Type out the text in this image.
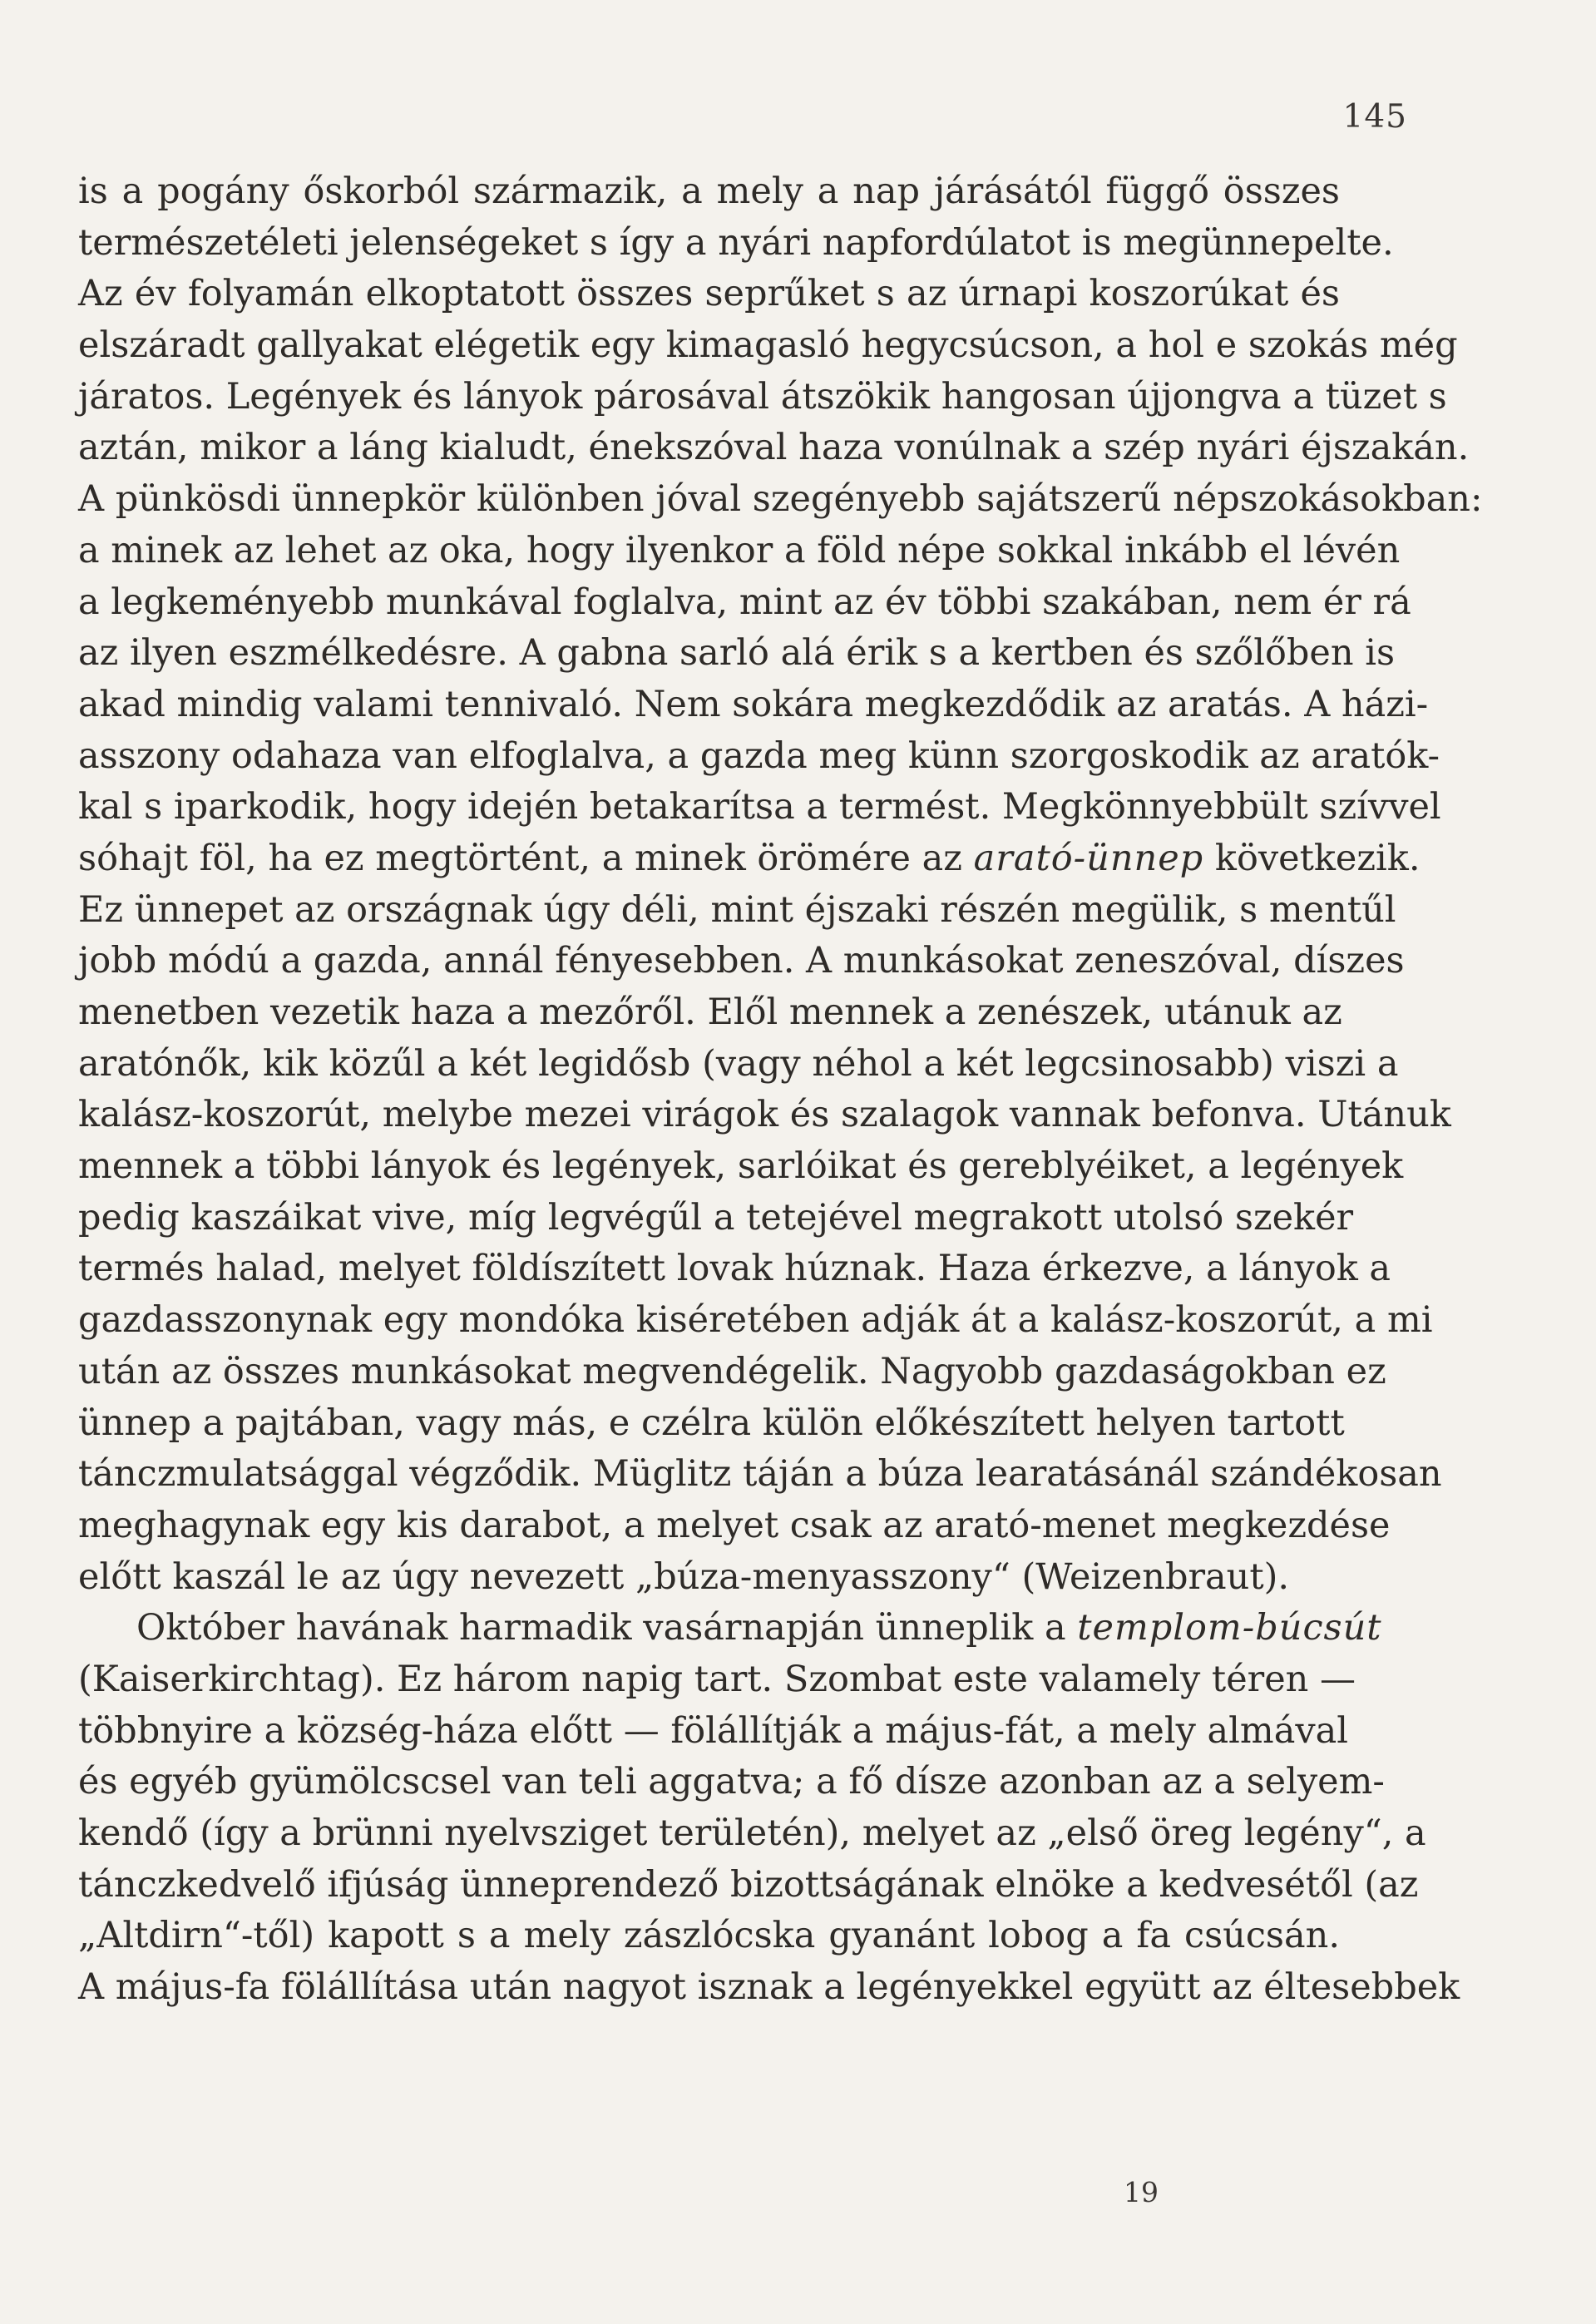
145
is a pogány őskorból származik, a mely a nap járásától függő összes
természetéleti jelenségeket s így a nyári napfordúlatot is megünnepelte.
Az év folyamán elkoptatott összes seprűket s az úrnapi koszorúkat és
elszáradt gallyakat elégetik egy kimagasló hegycsúcson, a hol e szokás még
járatos. Legények és lányok párosával átszökik hangosan újjongva a tüzet s
aztán, mikor a láng kialudt, énekszóval haza vonúlnak a szép nyári éjszakán.
A pünkösdi ünnepkör különben jóval szegényebb sajátszerű népszokásokban:
a minek az lehet az oka, hogy ilyenkor a föld népe sokkal inkább el lévén
a legkeményebb munkával foglalva, mint az év többi szakában, nem ér rá
az ilyen eszmélkedésre. A gabna sarló alá érik s a kertben és szőlőben is
akad mindig valami tennivaló. Nem sokára megkezdődik az aratás. A házi-
asszony odahaza van elfoglalva, a gazda meg künn szorgoskodik az aratók-
kal s iparkodik, hogy idején betakarítsa a termést. Megkönnyebbült szívvel
sóhajt föl, ha ez megtörtént, a minek örömére az arató-ünnep következik.
Ez ünnepet az országnak úgy déli, mint éjszaki részén megülik, s mentűl
jobb módú a gazda, annál fényesebben. A munkásokat zeneszóval, díszes
menetben vezetik haza a mezőről. Elől mennek a zenészek, utánuk az
aratónők, kik közűl a két legidősb (vagy néhol a két legcsinosabb) viszi a
kalász-koszorút, melybe mezei virágok és szalagok vannak befonva. Utánuk
mennek a többi lányok és legények, sarlóikat és gereblyéiket, a legények
pedig kaszáikat vive, míg legvégűl a tetejével megrakott utolsó szekér
termés halad, melyet földíszített lovak húznak. Haza érkezve, a lányok a
gazdasszonynak egy mondóka kiséretében adják át a kalász-koszorút, a mi
után az összes munkásokat megvendégelik. Nagyobb gazdaságokban ez
ünnep a pajtában, vagy más, e czélra külön előkészített helyen tartott
tánczmulatsággal végződik. Müglitz táján a búza learatásánál szándékosan
meghagynak egy kis darabot, a melyet csak az arató-menet megkezdése
előtt kaszál le az úgy nevezett „búza-menyasszony“ (Weizenbraut).
Október havának harmadik vasárnapján ünneplik a templom-búcsút
(Kaiserkirchtag). Ez három napig tart. Szombat este valamely téren —
többnyire a község-háza előtt — fölállítják a május-fát, a mely almával
és egyéb gyümölcscsel van teli aggatva; a fő dísze azonban az a selyem-
kendő (így a brünni nyelvsziget területén), melyet az „első öreg legény“, a
tánczkedvelő ifjúság ünneprendező bizottságának elnöke a kedvesétől (az
„Altdirn“-től) kapott s a mely zászlócska gyanánt lobog a fa csúcsán.
A május-fa fölállítása után nagyot isznak a legényekkel együtt az éltesebbek
19
